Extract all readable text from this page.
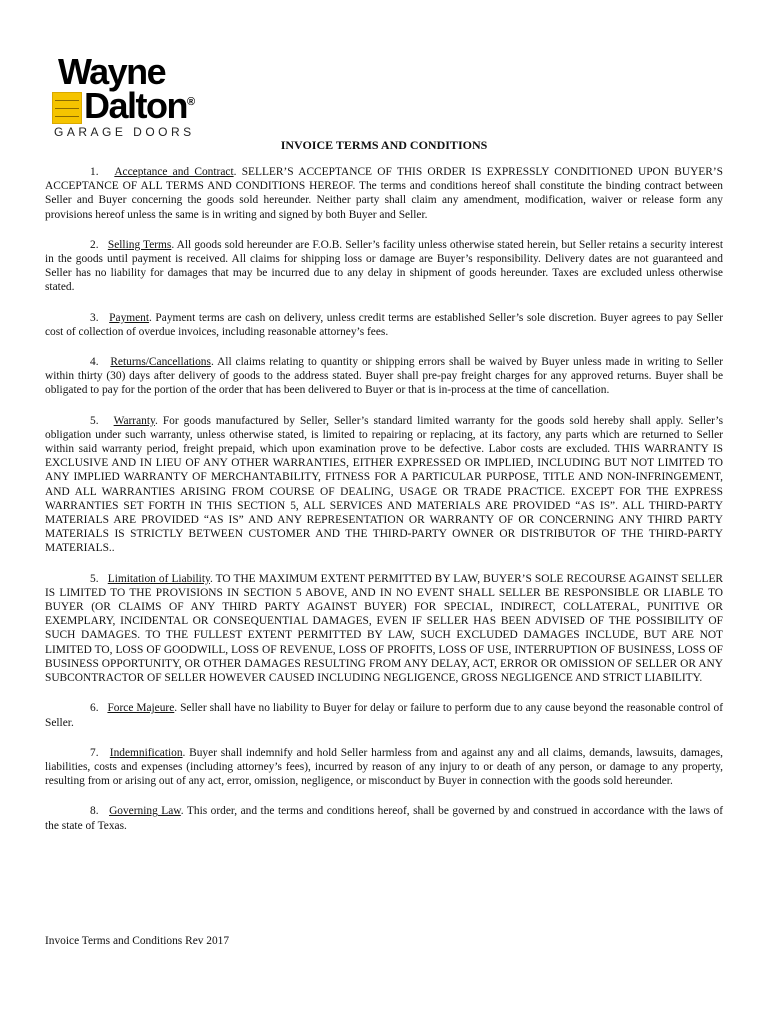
Wayne
Dalton®
GARAGE DOORS
INVOICE TERMS AND CONDITIONS

1. Acceptance and Contract. SELLER’S ACCEPTANCE OF THIS ORDER IS EXPRESSLY CONDITIONED UPON BUYER’S ACCEPTANCE OF ALL TERMS AND CONDITIONS HEREOF. The terms and conditions hereof shall constitute the binding contract between Seller and Buyer concerning the goods sold hereunder. Neither party shall claim any amendment, modification, waiver or release form any provisions hereof unless the same is in writing and signed by both Buyer and Seller.

2. Selling Terms. All goods sold hereunder are F.O.B. Seller’s facility unless otherwise stated herein, but Seller retains a security interest in the goods until payment is received. All claims for shipping loss or damage are Buyer’s responsibility. Delivery dates are not guaranteed and Seller has no liability for damages that may be incurred due to any delay in shipment of goods hereunder. Taxes are excluded unless otherwise stated.

3. Payment. Payment terms are cash on delivery, unless credit terms are established Seller’s sole discretion. Buyer agrees to pay Seller cost of collection of overdue invoices, including reasonable attorney’s fees.

4. Returns/Cancellations. All claims relating to quantity or shipping errors shall be waived by Buyer unless made in writing to Seller within thirty (30) days after delivery of goods to the address stated. Buyer shall pre-pay freight charges for any approved returns. Buyer shall be obligated to pay for the portion of the order that has been delivered to Buyer or that is in-process at the time of cancellation.

5. Warranty. For goods manufactured by Seller, Seller’s standard limited warranty for the goods sold hereby shall apply. Seller’s obligation under such warranty, unless otherwise stated, is limited to repairing or replacing, at its factory, any parts which are returned to Seller within said warranty period, freight prepaid, which upon examination prove to be defective. Labor costs are excluded. THIS WARRANTY IS EXCLUSIVE AND IN LIEU OF ANY OTHER WARRANTIES, EITHER EXPRESSED OR IMPLIED, INCLUDING BUT NOT LIMITED TO ANY IMPLIED WARRANTY OF MERCHANTABILITY, FITNESS FOR A PARTICULAR PURPOSE, TITLE AND NON-INFRINGEMENT, AND ALL WARRANTIES ARISING FROM COURSE OF DEALING, USAGE OR TRADE PRACTICE. EXCEPT FOR THE EXPRESS WARRANTIES SET FORTH IN THIS SECTION 5, ALL SERVICES AND MATERIALS ARE PROVIDED “AS IS”. ALL THIRD-PARTY MATERIALS ARE PROVIDED “AS IS” AND ANY REPRESENTATION OR WARRANTY OF OR CONCERNING ANY THIRD PARTY MATERIALS IS STRICTLY BETWEEN CUSTOMER AND THE THIRD-PARTY OWNER OR DISTRIBUTOR OF THE THIRD-PARTY MATERIALS..

5. Limitation of Liability. TO THE MAXIMUM EXTENT PERMITTED BY LAW, BUYER’S SOLE RECOURSE AGAINST SELLER IS LIMITED TO THE PROVISIONS IN SECTION 5 ABOVE, AND IN NO EVENT SHALL SELLER BE RESPONSIBLE OR LIABLE TO BUYER (OR CLAIMS OF ANY THIRD PARTY AGAINST BUYER) FOR SPECIAL, INDIRECT, COLLATERAL, PUNITIVE OR EXEMPLARY, INCIDENTAL OR CONSEQUENTIAL DAMAGES, EVEN IF SELLER HAS BEEN ADVISED OF THE POSSIBILITY OF SUCH DAMAGES. TO THE FULLEST EXTENT PERMITTED BY LAW, SUCH EXCLUDED DAMAGES INCLUDE, BUT ARE NOT LIMITED TO, LOSS OF GOODWILL, LOSS OF REVENUE, LOSS OF PROFITS, LOSS OF USE, INTERRUPTION OF BUSINESS, LOSS OF BUSINESS OPPORTUNITY, OR OTHER DAMAGES RESULTING FROM ANY DELAY, ACT, ERROR OR OMISSION OF SELLER OR ANY SUBCONTRACTOR OF SELLER HOWEVER CAUSED INCLUDING NEGLIGENCE, GROSS NEGLIGENCE AND STRICT LIABILITY.

6. Force Majeure. Seller shall have no liability to Buyer for delay or failure to perform due to any cause beyond the reasonable control of Seller.

7. Indemnification. Buyer shall indemnify and hold Seller harmless from and against any and all claims, demands, lawsuits, damages, liabilities, costs and expenses (including attorney’s fees), incurred by reason of any injury to or death of any person, or damage to any property, resulting from or arising out of any act, error, omission, negligence, or misconduct by Buyer in connection with the goods sold hereunder.

8. Governing Law. This order, and the terms and conditions hereof, shall be governed by and construed in accordance with the laws of the state of Texas.

Invoice Terms and Conditions Rev 2017
